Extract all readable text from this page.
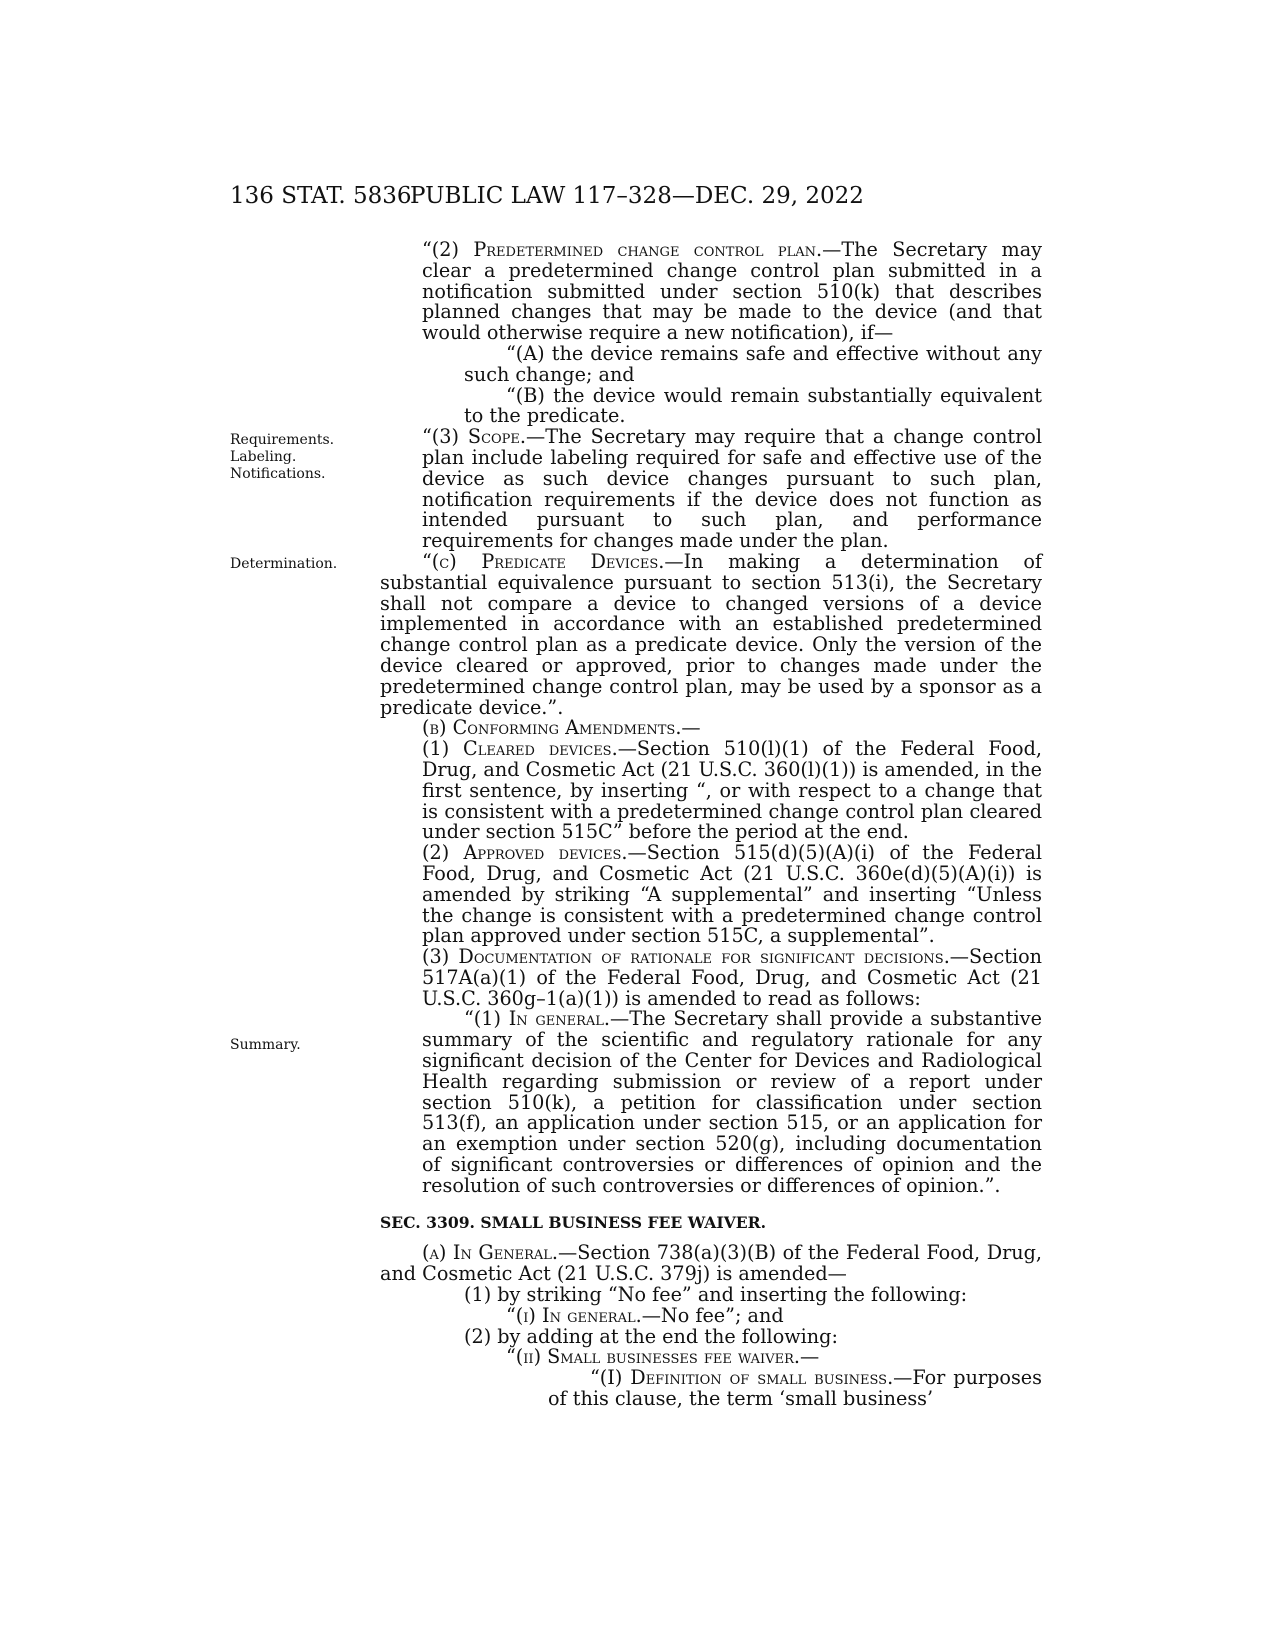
136 STAT. 5836
PUBLIC LAW 117–328—DEC. 29, 2022
Requirements.
Labeling.
Notifications.
Determination.
Summary.

“(2) Predetermined change control plan.—The Secretary may clear a predetermined change control plan submitted in a notification submitted under section 510(k) that describes planned changes that may be made to the device (and that would otherwise require a new notification), if—

“(A) the device remains safe and effective without any such change; and

“(B) the device would remain substantially equivalent to the predicate.

“(3) Scope.—The Secretary may require that a change control plan include labeling required for safe and effective use of the device as such device changes pursuant to such plan, notification requirements if the device does not function as intended pursuant to such plan, and performance requirements for changes made under the plan.

“(c) Predicate Devices.—In making a determination of substantial equivalence pursuant to section 513(i), the Secretary shall not compare a device to changed versions of a device implemented in accordance with an established predetermined change control plan as a predicate device. Only the version of the device cleared or approved, prior to changes made under the predetermined change control plan, may be used by a sponsor as a predicate device.”.

(b) Conforming Amendments.—

(1) Cleared devices.—Section 510(l)(1) of the Federal Food, Drug, and Cosmetic Act (21 U.S.C. 360(l)(1)) is amended, in the first sentence, by inserting “, or with respect to a change that is consistent with a predetermined change control plan cleared under section 515C” before the period at the end.

(2) Approved devices.—Section 515(d)(5)(A)(i) of the Federal Food, Drug, and Cosmetic Act (21 U.S.C. 360e(d)(5)(A)(i)) is amended by striking “A supplemental” and inserting “Unless the change is consistent with a predetermined change control plan approved under section 515C, a supplemental”.

(3) Documentation of rationale for significant decisions.—Section 517A(a)(1) of the Federal Food, Drug, and Cosmetic Act (21 U.S.C. 360g–1(a)(1)) is amended to read as follows:

“(1) In general.—The Secretary shall provide a substantive summary of the scientific and regulatory rationale for any significant decision of the Center for Devices and Radiological Health regarding submission or review of a report under section 510(k), a petition for classification under section 513(f), an application under section 515, or an application for an exemption under section 520(g), including documentation of significant controversies or differences of opinion and the resolution of such controversies or differences of opinion.”.

SEC. 3309. SMALL BUSINESS FEE WAIVER.

(a) In General.—Section 738(a)(3)(B) of the Federal Food, Drug, and Cosmetic Act (21 U.S.C. 379j) is amended—

(1) by striking “No fee” and inserting the following:

“(i) In general.—No fee”; and

(2) by adding at the end the following:

“(ii) Small businesses fee waiver.—

“(I) Definition of small business.—For purposes of this clause, the term ‘small business’
